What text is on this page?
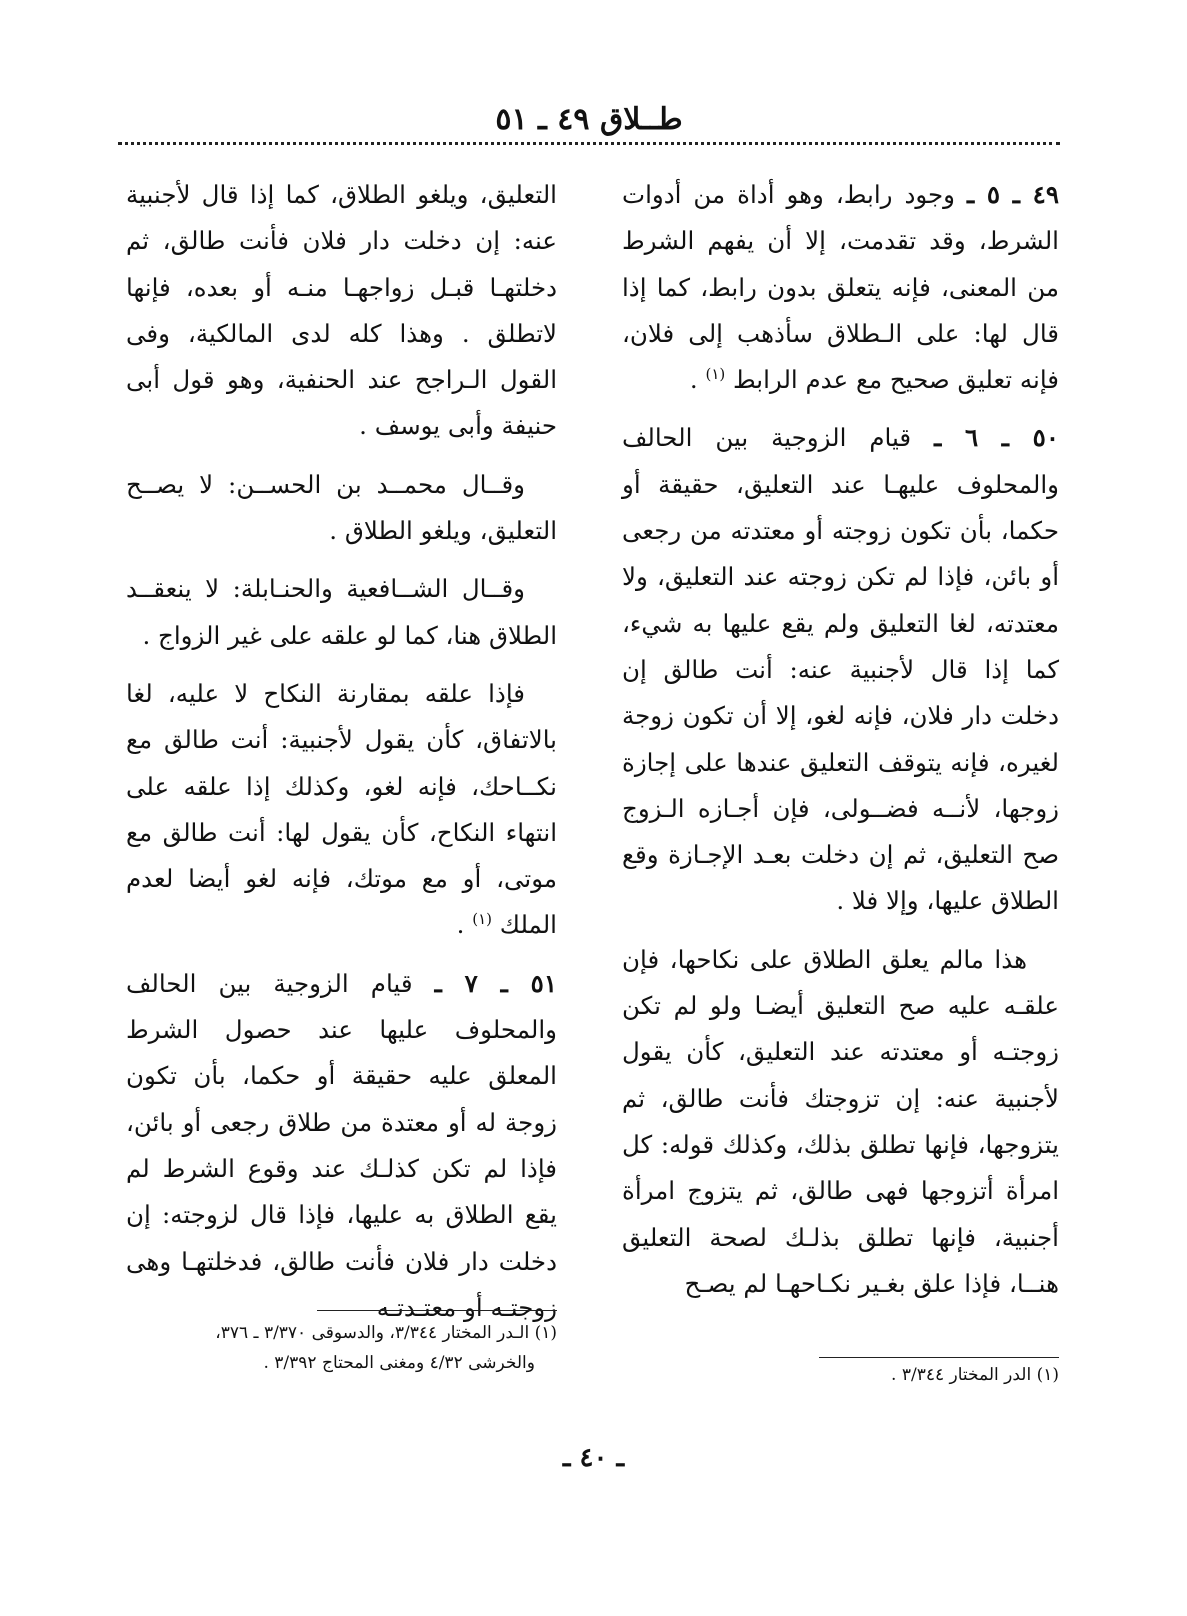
طــلاق ٤٩ ـ ٥١

٤٩ ـ ٥ ـ وجود رابط، وهو أداة من أدوات الشرط، وقد تقدمت، إلا أن يفهم الشرط من المعنى، فإنه يتعلق بدون رابط، كما إذا قال لها: على الـطلاق سأذهب إلى فلان، فإنه تعليق صحيح مع عدم الرابط $^{(١)}$ .

٥٠ ـ ٦ ـ قيام الزوجية بين الحالف والمحلوف عليهـا عند التعليق، حقيقة أو حكما، بأن تكون زوجته أو معتدته من رجعى أو بائن، فإذا لم تكن زوجته عند التعليق، ولا معتدته، لغا التعليق ولم يقع عليها به شيء، كما إذا قال لأجنبية عنه: أنت طالق إن دخلت دار فلان، فإنه لغو، إلا أن تكون زوجة لغيره، فإنه يتوقف التعليق عندها على إجازة زوجها، لأنــه فضــولى، فإن أجـازه الـزوج صح التعليق، ثم إن دخلت بعـد الإجـازة وقع الطلاق عليها، وإلا فلا .

هذا مالم يعلق الطلاق على نكاحها، فإن علقـه عليه صح التعليق أيضـا ولو لم تكن زوجتـه أو معتدته عند التعليق، كأن يقول لأجنبية عنه: إن تزوجتك فأنت طالق، ثم يتزوجها، فإنها تطلق بذلك، وكذلك قوله: كل امرأة أتزوجها فهى طالق، ثم يتزوج امرأة أجنبية، فإنها تطلق بذلـك لصحة التعليق هنــا، فإذا علق بغـير نكـاحهـا لم يصـح

التعليق، ويلغو الطلاق، كما إذا قال لأجنبية عنه: إن دخلت دار فلان فأنت طالق، ثم دخلتهـا قبـل زواجهـا منـه أو بعده، فإنها لاتطلق . وهذا كله لدى المالكية، وفى القول الـراجح عند الحنفية، وهو قول أبى حنيفة وأبى يوسف .

وقــال محمــد بن الحســن: لا يصــح التعليق، ويلغو الطلاق .

وقــال الشــافعية والحنـابلة: لا ينعقــد الطلاق هنا، كما لو علقه على غير الزواج .

فإذا علقه بمقارنة النكاح لا عليه، لغا بالاتفاق، كأن يقول لأجنبية: أنت طالق مع نكــاحك، فإنه لغو، وكذلك إذا علقه على انتهاء النكاح، كأن يقول لها: أنت طالق مع موتى، أو مع موتك، فإنه لغو أيضا لعدم الملك $^{(١)}$ .

٥١ ـ ٧ ـ قيام الزوجية بين الحالف والمحلوف عليها عند حصول الشرط المعلق عليه حقيقة أو حكما، بأن تكون زوجة له أو معتدة من طلاق رجعى أو بائن، فإذا لم تكن كذلـك عند وقوع الشرط لم يقع الطلاق به عليها، فإذا قال لزوجته: إن دخلت دار فلان فأنت طالق، فدخلتهـا وهى زوجتـه أو معتـدتـه

(١) الـدر المختار ٣/٣٤٤، والدسوقى ٣/٣٧٠ ـ ٣٧٦،
والخرشى ٤/٣٢ ومغنى المحتاج ٣/٣٩٢ .
(١) الدر المختار ٣/٣٤٤ .
ـ ٤٠ ـ
